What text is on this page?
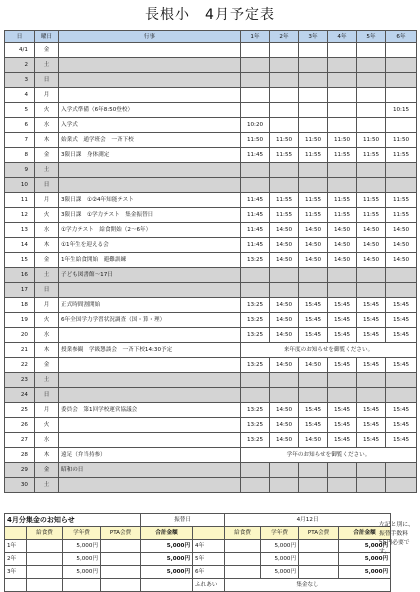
長根小　4月予定表
日	曜日	行事	1年	2年	3年	4年	5年	6年
4/1	金							
2	土							
3	日							
4	月							
5	火	入学式準備（6年8:50登校）						10:15
6	水	入学式	10:20					
7	木	始業式　通学班会　一斉下校	11:50	11:50	11:50	11:50	11:50	11:50
8	金	3限日課　身体測定	11:45	11:55	11:55	11:55	11:55	11:55
9	土							
10	日							
11	月	3限日課　①②4年知能テスト	11:45	11:55	11:55	11:55	11:55	11:55
12	火	3限日課　①学力テスト　集金振替日	11:45	11:55	11:55	11:55	11:55	11:55
13	水	①学力テスト　給食開始（2～6年）	11:45	14:50	14:50	14:50	14:50	14:50
14	木	①1年生を迎える会	11:45	14:50	14:50	14:50	14:50	14:50
15	金	1年生給食開始　避難訓練	13:25	14:50	14:50	14:50	14:50	14:50
16	土	子ども図書館～17日						
17	日							
18	月	正式時間割開始	13:25	14:50	15:45	15:45	15:45	15:45
19	火	6年全国学力学習状況調査（国・算・理）	13:25	14:50	15:45	15:45	15:45	15:45
20	水		13:25	14:50	15:45	15:45	15:45	15:45
21	木	授業参観　学級懇談会　一斉下校14:30予定	来年度のお知らせを御覧ください。					
22	金		13:25	14:50	14:50	15:45	15:45	15:45
23	土							
24	日							
25	月	委員会　第1回学校運営協議会	13:25	14:50	15:45	15:45	15:45	15:45
26	火		13:25	14:50	15:45	15:45	15:45	15:45
27	水		13:25	14:50	14:50	15:45	15:45	15:45
28	木	遠足（弁当持参）	学年のお知らせを御覧ください。					
29	金	昭和の日						
30	土							
4月分集金のお知らせ				振替日		4月12日			
	給食費	学年費	PTA会費	合計金額		給食費	学年費	PTA会費	合計金額
1年		5,000円		5,000円	4年		5,000円		5,000円
2年		5,000円		5,000円	5年		5,000円		5,000円
3年		5,000円		5,000円	6年		5,000円		5,000円
					ふれあい	集金なし			
左記と別に、振替手数料55円必要です。
